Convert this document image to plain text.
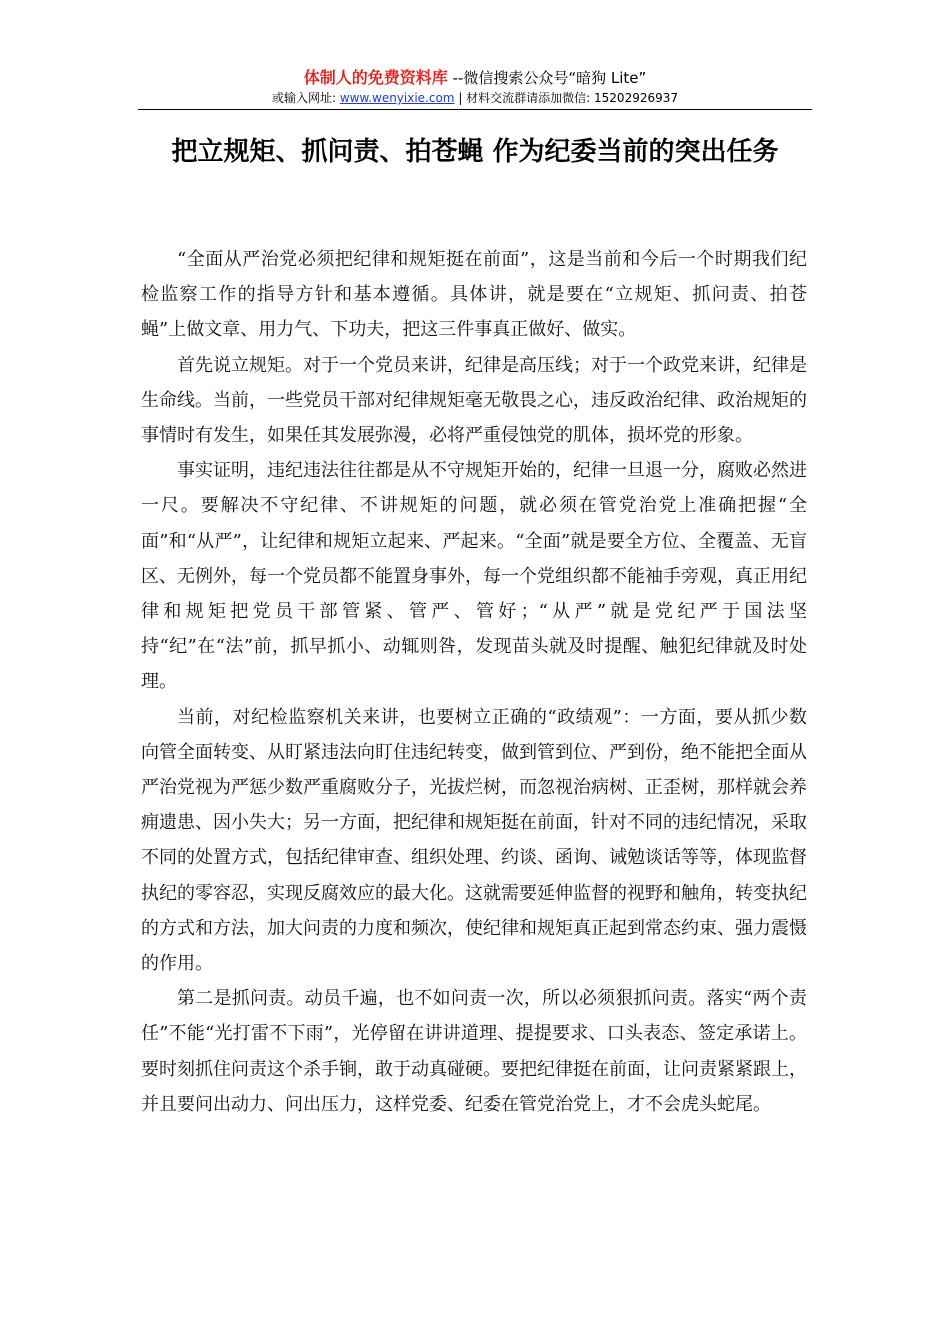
体制人的免费资料库 --微信搜索公众号“暗狗 Lite”
或输入网址: www.wenyixie.com | 材料交流群请添加微信: 15202926937
把立规矩、抓问责、拍苍蝇 作为纪委当前的突出任务

“全面从严治党必须把纪律和规矩挺在前面”，这是当前和今后一个时期我们纪检监察工作的指导方针和基本遵循。具体讲，就是要在“立规矩、抓问责、拍苍蝇”上做文章、用力气、下功夫，把这三件事真正做好、做实。

首先说立规矩。对于一个党员来讲，纪律是高压线；对于一个政党来讲，纪律是生命线。当前，一些党员干部对纪律规矩毫无敬畏之心，违反政治纪律、政治规矩的事情时有发生，如果任其发展弥漫，必将严重侵蚀党的肌体，损坏党的形象。

事实证明，违纪违法往往都是从不守规矩开始的，纪律一旦退一分，腐败必然进一尺。要解决不守纪律、不讲规矩的问题，就必须在管党治党上准确把握“全面”和“从严”，让纪律和规矩立起来、严起来。“全面”就是要全方位、全覆盖、无盲区、无例外，每一个党员都不能置身事外，每一个党组织都不能袖手旁观，真正用纪律和规矩把党员干部管紧、管严、管好；“从严”就是党纪严于国法坚持“纪”在“法”前，抓早抓小、动辄则咎，发现苗头就及时提醒、触犯纪律就及时处理。

当前，对纪检监察机关来讲，也要树立正确的“政绩观”：一方面，要从抓少数向管全面转变、从盯紧违法向盯住违纪转变，做到管到位、严到份，绝不能把全面从严治党视为严惩少数严重腐败分子，光拔烂树，而忽视治病树、正歪树，那样就会养痈遗患、因小失大；另一方面，把纪律和规矩挺在前面，针对不同的违纪情况，采取不同的处置方式，包括纪律审查、组织处理、约谈、函询、诫勉谈话等等，体现监督执纪的零容忍，实现反腐效应的最大化。这就需要延伸监督的视野和触角，转变执纪的方式和方法，加大问责的力度和频次，使纪律和规矩真正起到常态约束、强力震慑的作用。

第二是抓问责。动员千遍，也不如问责一次，所以必须狠抓问责。落实“两个责任”不能“光打雷不下雨”，光停留在讲讲道理、提提要求、口头表态、签定承诺上。要时刻抓住问责这个杀手锏，敢于动真碰硬。要把纪律挺在前面，让问责紧紧跟上，并且要问出动力、问出压力，这样党委、纪委在管党治党上，才不会虎头蛇尾。
